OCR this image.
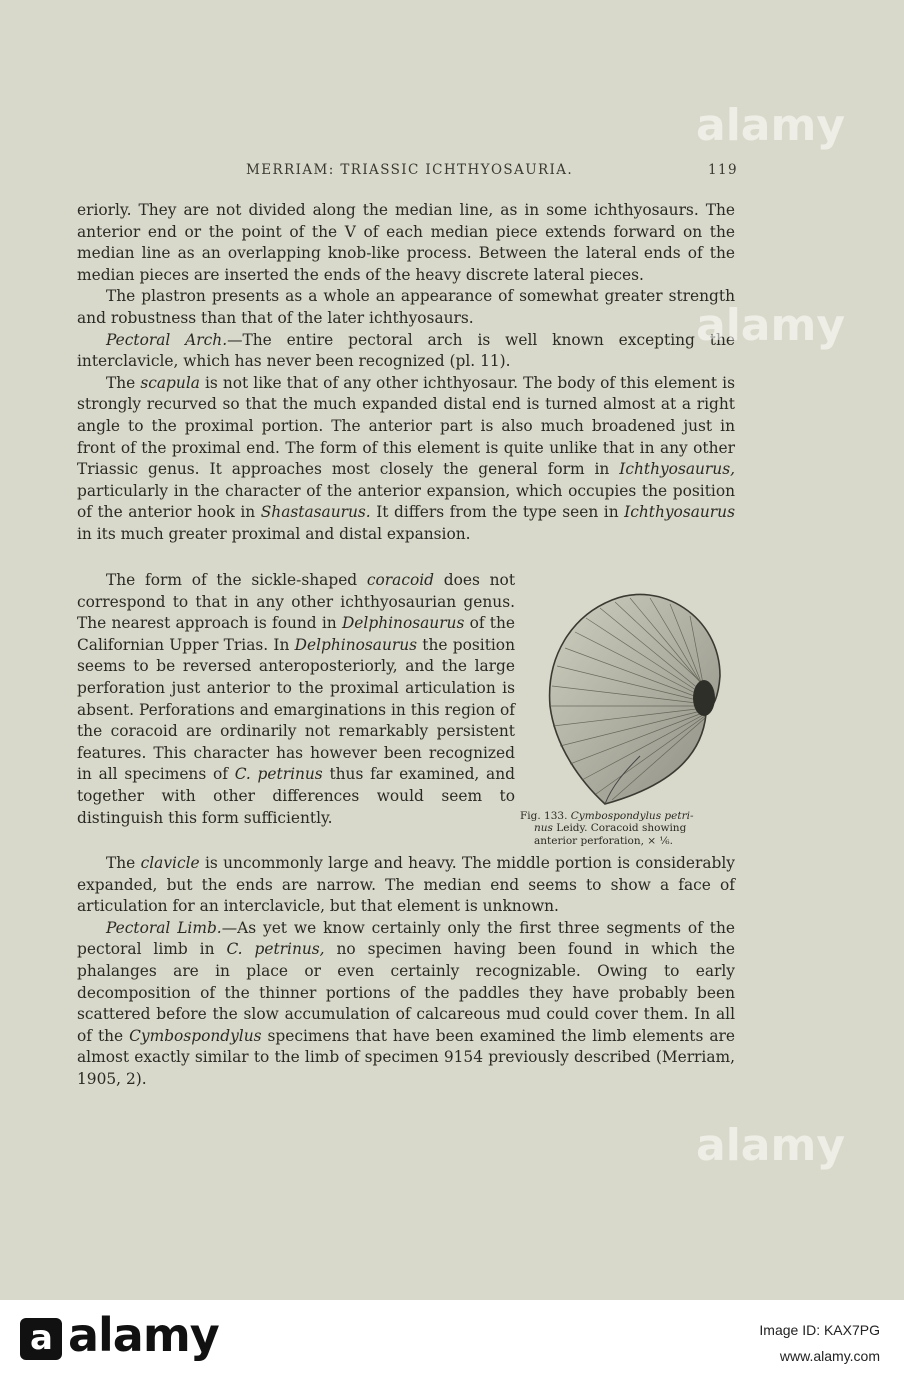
MERRIAM: TRIASSIC ICHTHYOSAURIA.	119

eriorly. They are not divided along the median line, as in some ichthyosaurs. The anterior end or the point of the V of each median piece extends forward on the median line as an overlapping knob-like process. Between the lateral ends of the median pieces are inserted the ends of the heavy discrete lateral pieces.

The plastron presents as a whole an appearance of somewhat greater strength and robustness than that of the later ichthyosaurs.

Pectoral Arch.—The entire pectoral arch is well known excepting the interclavicle, which has never been recognized (pl. 11).

The scapula is not like that of any other ichthyosaur. The body of this element is strongly recurved so that the much expanded distal end is turned almost at a right angle to the proximal portion. The anterior part is also much broadened just in front of the proximal end. The form of this element is quite unlike that in any other Triassic genus. It approaches most closely the general form in Ichthyosaurus, particularly in the character of the anterior expansion, which occupies the position of the anterior hook in Shastasaurus. It differs from the type seen in Ichthyosaurus in its much greater proximal and distal expansion.

The form of the sickle-shaped coracoid does not correspond to that in any other ichthyosaurian genus. The nearest approach is found in Delphinosaurus of the Californian Upper Trias. In Delphinosaurus the position seems to be reversed anteroposteriorly, and the large perforation just anterior to the proximal articulation is absent. Perforations and emarginations in this region of the coracoid are ordinarily not remarkably persistent features. This character has however been recognized in all specimens of C. petrinus thus far examined, and together with other differences would seem to distinguish this form sufficiently.	Fig. 133. Cymbospondylus petri-
nus Leidy. Coracoid showing
anterior perforation, × ⅙.

The clavicle is uncommonly large and heavy. The middle portion is considerably expanded, but the ends are narrow. The median end seems to show a face of articulation for an interclavicle, but that element is unknown.

Pectoral Limb.—As yet we know certainly only the first three segments of the pectoral limb in C. petrinus, no specimen having been found in which the phalanges are in place or even certainly recognizable. Owing to early decomposition of the thinner portions of the paddles they have probably been scattered before the slow accumulation of calcareous mud could cover them. In all of the Cymbospondylus specimens that have been examined the limb elements are almost exactly similar to the limb of specimen 9154 previously described (Merriam, 1905, 2).

alamy
alamy
alamy
a alamy	Image ID: KAX7PG
www.alamy.com
